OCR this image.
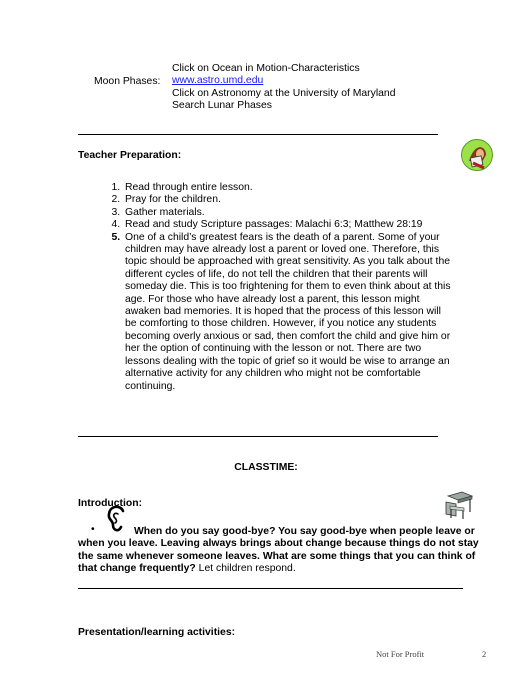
Moon Phases:
Click on Ocean in Motion-Characteristics
www.astro.umd.edu
Click on Astronomy at the University of Maryland
Search Lunar Phases
Teacher Preparation:
1. Read through entire lesson.
2. Pray for the children.
3. Gather materials.
4. Read and study Scripture passages: Malachi 6:3; Matthew 28:19
5. One of a child’s greatest fears is the death of a parent. Some of your children may have already lost a parent or loved one. Therefore, this topic should be approached with great sensitivity. As you talk about the different cycles of life, do not tell the children that their parents will someday die. This is too frightening for them to even think about at this age. For those who have already lost a parent, this lesson might awaken bad memories. It is hoped that the process of this lesson will be comforting to those children. However, if you notice any students becoming overly anxious or sad, then comfort the child and give him or her the option of continuing with the lesson or not. There are two lessons dealing with the topic of grief so it would be wise to arrange an alternative activity for any children who might not be comfortable continuing.
CLASSTIME:
Introduction:
•	When do you say good-bye? You say good-bye when people leave or when you leave. Leaving always brings about change because things do not stay the same whenever someone leaves. What are some things that you can think of that change frequently? Let children respond.

Presentation/learning activities:
Not For Profit	2
